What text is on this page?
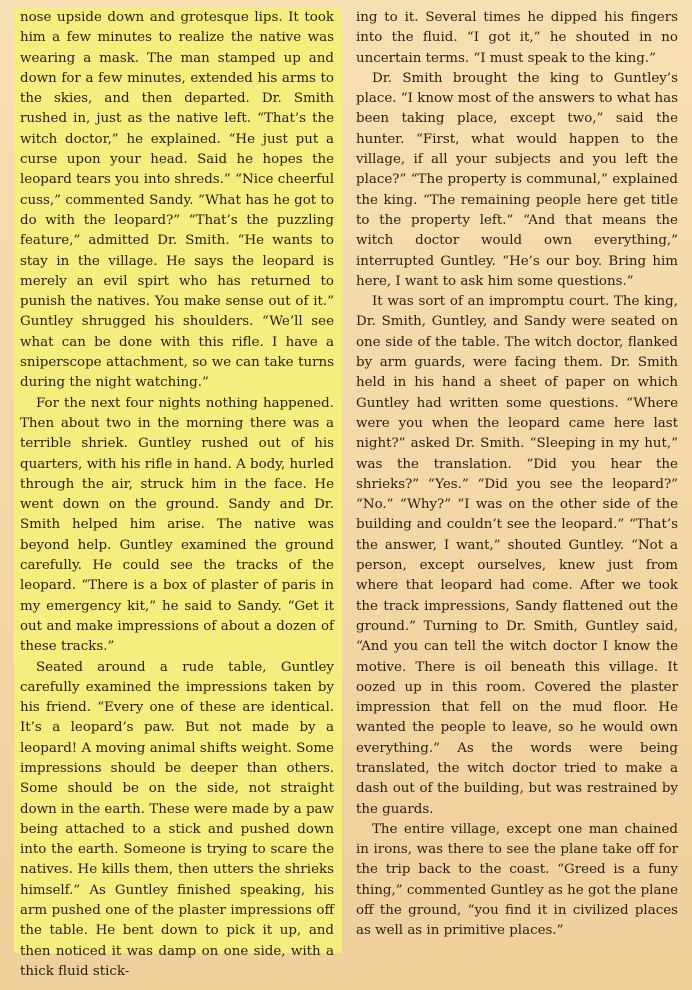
nose upside down and grotesque lips. It took him a few minutes to realize the native was wearing a mask. The man stamped up and down for a few minutes, extended his arms to the skies, and then departed. Dr. Smith rushed in, just as the native left. “That’s the witch doctor,” he explained. “He just put a curse upon your head. Said he hopes the leopard tears you into shreds.” “Nice cheerful cuss,” commented Sandy. “What has he got to do with the leopard?” “That’s the puzzling feature,” admitted Dr. Smith. “He wants to stay in the village. He says the leopard is merely an evil spirt who has returned to punish the natives. You make sense out of it.” Guntley shrugged his shoulders. “We’ll see what can be done with this rifle. I have a sniperscope attachment, so we can take turns during the night watching.”

For the next four nights nothing happened. Then about two in the morning there was a terrible shriek. Guntley rushed out of his quarters, with his rifle in hand. A body, hurled through the air, struck him in the face. He went down on the ground. Sandy and Dr. Smith helped him arise. The native was beyond help. Guntley examined the ground carefully. He could see the tracks of the leopard. “There is a box of plaster of paris in my emergency kit,” he said to Sandy. “Get it out and make impressions of about a dozen of these tracks.”

Seated around a rude table, Guntley carefully examined the impressions taken by his friend. “Every one of these are identical. It’s a leopard’s paw. But not made by a leopard! A moving animal shifts weight. Some impressions should be deeper than others. Some should be on the side, not straight down in the earth. These were made by a paw being attached to a stick and pushed down into the earth. Someone is trying to scare the natives. He kills them, then utters the shrieks himself.” As Guntley finished speaking, his arm pushed one of the plaster impressions off the table. He bent down to pick it up, and then noticed it was damp on one side, with a thick fluid stick-

ing to it. Several times he dipped his fingers into the fluid. “I got it,” he shouted in no uncertain terms. “I must speak to the king.”

Dr. Smith brought the king to Guntley’s place. “I know most of the answers to what has been taking place, except two,” said the hunter. “First, what would happen to the village, if all your subjects and you left the place?” “The property is communal,” explained the king. “The remaining people here get title to the property left.” “And that means the witch doctor would own everything,” interrupted Guntley. “He’s our boy. Bring him here, I want to ask him some questions.”

It was sort of an impromptu court. The king, Dr. Smith, Guntley, and Sandy were seated on one side of the table. The witch doctor, flanked by arm guards, were facing them. Dr. Smith held in his hand a sheet of paper on which Guntley had written some questions. “Where were you when the leopard came here last night?” asked Dr. Smith. “Sleeping in my hut,” was the translation. “Did you hear the shrieks?” “Yes.” “Did you see the leopard?” “No.” “Why?” “I was on the other side of the building and couldn’t see the leopard.” “That’s the answer, I want,” shouted Guntley. “Not a person, except ourselves, knew just from where that leopard had come. After we took the track impressions, Sandy flattened out the ground.” Turning to Dr. Smith, Guntley said, “And you can tell the witch doctor I know the motive. There is oil beneath this village. It oozed up in this room. Covered the plaster impression that fell on the mud floor. He wanted the people to leave, so he would own everything.” As the words were being translated, the witch doctor tried to make a dash out of the building, but was restrained by the guards.

The entire village, except one man chained in irons, was there to see the plane take off for the trip back to the coast. “Greed is a funy thing,” commented Guntley as he got the plane off the ground, “you find it in civilized places as well as in primitive places.”
